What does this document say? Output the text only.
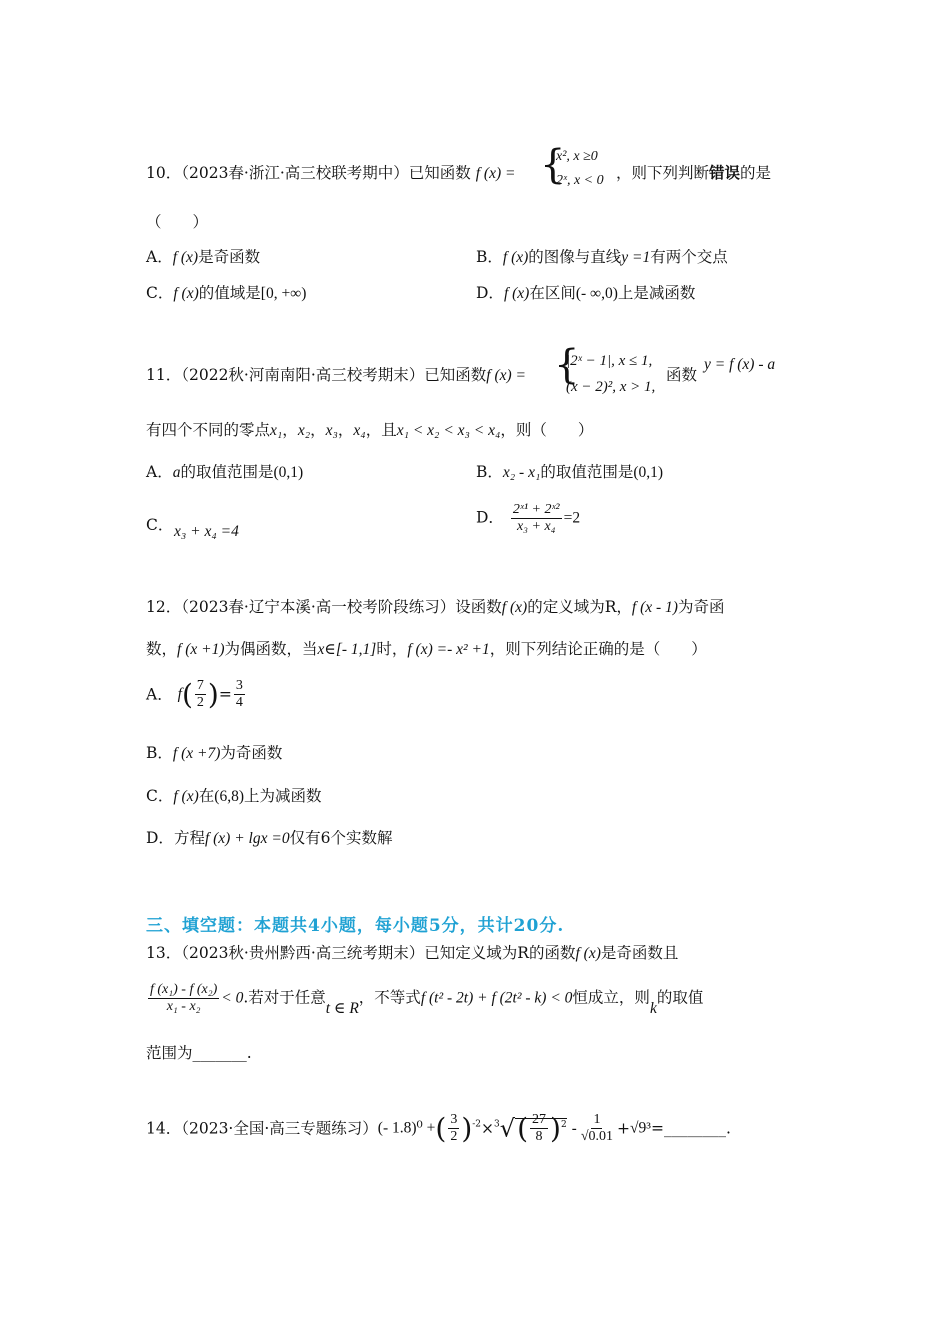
10．（2023春·浙江·高三校联考期中）已知函数 f (x) = {
x², x ≥0
2ˣ, x < 0 ，则下列判断错误的是
（　　）
A．f (x)是奇函数	B．f (x)的图像与直线y =1有两个交点
C．f (x)的值域是[0, +∞)	D．f (x)在区间(- ∞,0)上是减函数
11．（2022秋·河南南阳·高三校考期末）已知函数f (x) = {
|2ˣ − 1|, x ≤ 1,
(x − 2)², x > 1,
函数
y = f (x) - a
有四个不同的零点x₁，x₂，x₃，x₄，且x₁ < x₂ < x₃ < x₄，则（　　）
A．a的取值范围是(0,1)	B．x₂ - x₁的取值范围是(0,1)
C． x₃ + x₄ =4
D． $\frac{\text{2ˣ¹ + 2ˣ²}}{\text{x₃ + x₄}} =2$
12．（2023春·辽宁本溪·高一校考阶段练习）设函数f (x)的定义域为R，f (x - 1)为奇函
数，f (x +1)为偶函数，当x∈[- 1,1]时，f (x) =- x² +1，则下列结论正确的是（　　）
A． $f( \frac{7}{2}$ )= $\frac{3}{4}$
B．f (x +7)为奇函数
C．f (x)在(6,8)上为减函数
D．方程f (x) + lgx =0仅有6个实数解
三、填空题：本题共4小题，每小题5分，共计20分.
13．（2023秋·贵州黔西·高三统考期末）已知定义域为R的函数f (x)是奇函数且
$\frac{\text{f (x₁) - f (x₂)}}{\text{x₁ - x₂}} < 0$.若对于任意t ∈ R，不等式f (t² - 2t) + f (2t² - k) < 0恒成立，则k的取值
范围为_______.
14．（2023·全国·高三专题练习）(- 1.8)⁰ +( $\frac{3}{2} )^{-2}\times^3√( \frac{27}{8} )^2 - \frac{1}{√0.01}$ +√9³=________.
